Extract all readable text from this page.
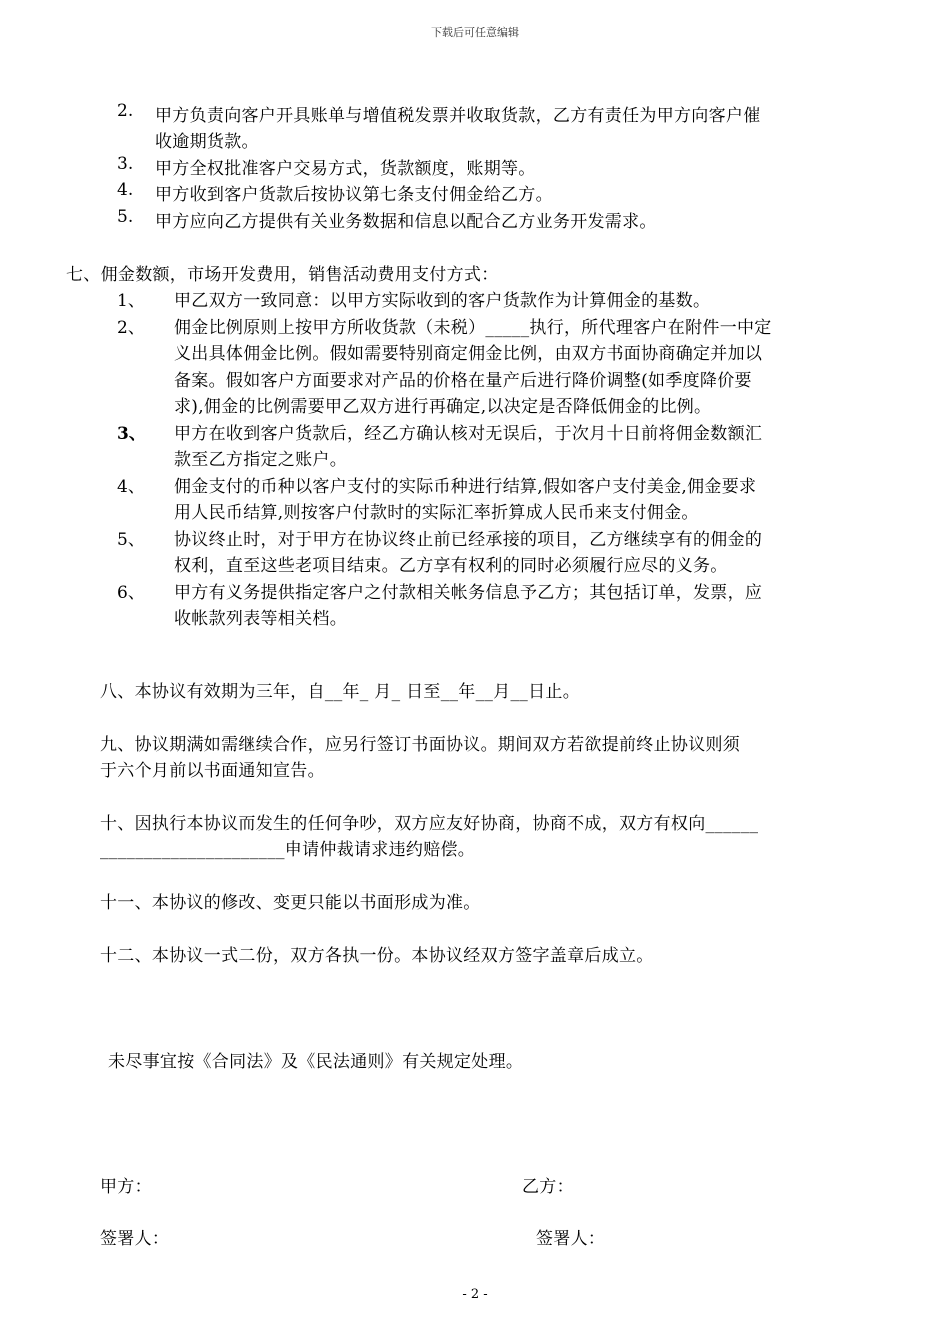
下载后可任意编辑
2.	甲方负责向客户开具账单与增值税发票并收取货款，乙方有责任为甲方向客户催
收逾期货款。
3.	甲方全权批准客户交易方式，货款额度，账期等。
4.	甲方收到客户货款后按协议第七条支付佣金给乙方。
5.	甲方应向乙方提供有关业务数据和信息以配合乙方业务开发需求。
七、佣金数额，市场开发费用，销售活动费用支付方式：
1、	甲乙双方一致同意：以甲方实际收到的客户货款作为计算佣金的基数。
2、	佣金比例原则上按甲方所收货款（未税）_____执行，所代理客户在附件一中定
义出具体佣金比例。假如需要特别商定佣金比例，由双方书面协商确定并加以
备案。假如客户方面要求对产品的价格在量产后进行降价调整(如季度降价要
求),佣金的比例需要甲乙双方进行再确定,以决定是否降低佣金的比例。
3、	甲方在收到客户货款后，经乙方确认核对无误后，于次月十日前将佣金数额汇
款至乙方指定之账户。
4、	佣金支付的币种以客户支付的实际币种进行结算,假如客户支付美金,佣金要求
用人民币结算,则按客户付款时的实际汇率折算成人民币来支付佣金。
5、	协议终止时，对于甲方在协议终止前已经承接的项目，乙方继续享有的佣金的
权利，直至这些老项目结束。乙方享有权利的同时必须履行应尽的义务。
6、	甲方有义务提供指定客户之付款相关帐务信息予乙方；其包括订单，发票，应
收帐款列表等相关档。
八、本协议有效期为三年，自__年_ 月_ 日至__年__月__日止。
九、协议期满如需继续合作，应另行签订书面协议。期间双方若欲提前终止协议则须
于六个月前以书面通知宣告。
十、因执行本协议而发生的任何争吵，双方应友好协商，协商不成，双方有权向______
_____________________申请仲裁请求违约赔偿。
十一、本协议的修改、变更只能以书面形成为准。
十二、本协议一式二份，双方各执一份。本协议经双方签字盖章后成立。
未尽事宜按《合同法》及《民法通则》有关规定处理。
甲方：	乙方：
签署人：	签署人：
- 2 -
